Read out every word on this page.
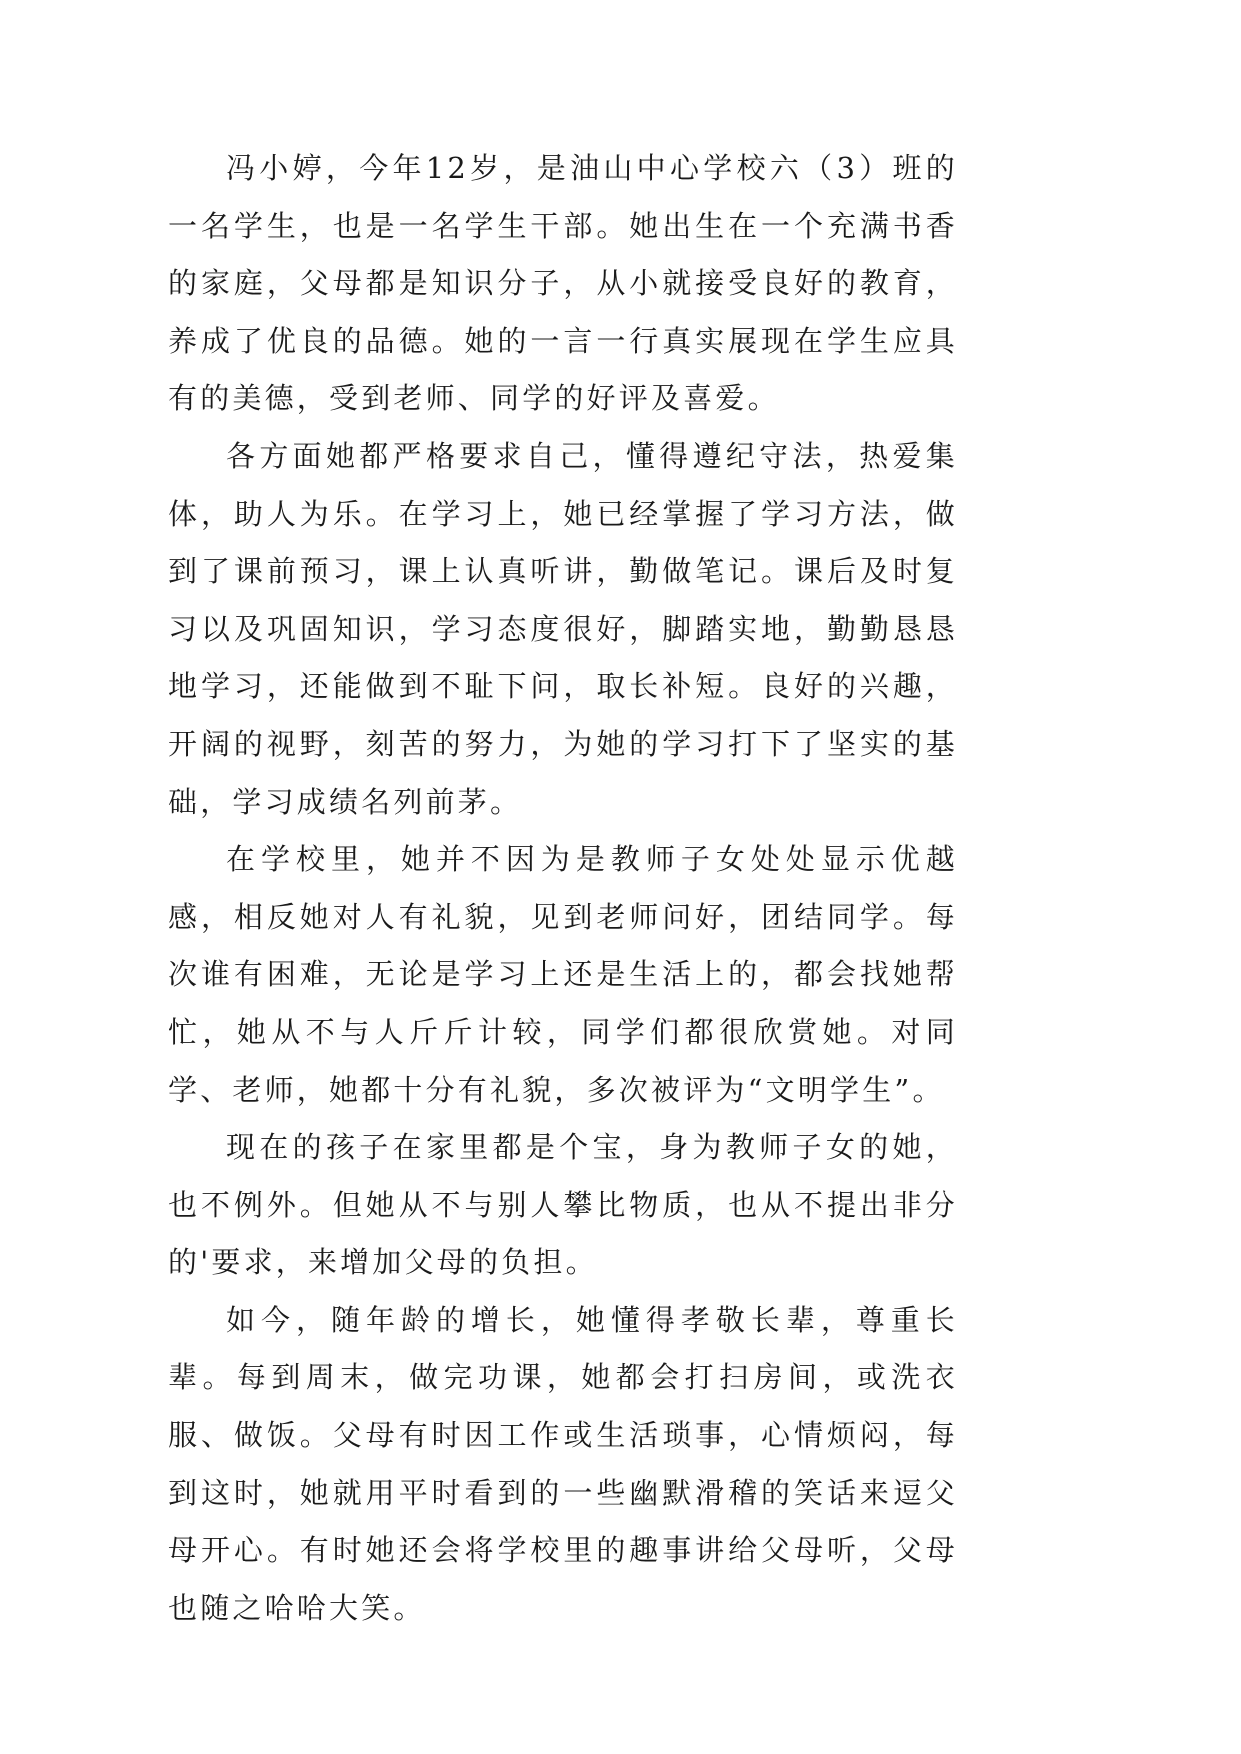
冯小婷，今年12岁，是油山中心学校六（3）班的一名学生，也是一名学生干部。她出生在一个充满书香的家庭，父母都是知识分子，从小就接受良好的教育，养成了优良的品德。她的一言一行真实展现在学生应具有的美德，受到老师、同学的好评及喜爱。

各方面她都严格要求自己，懂得遵纪守法，热爱集体，助人为乐。在学习上，她已经掌握了学习方法，做到了课前预习，课上认真听讲，勤做笔记。课后及时复习以及巩固知识，学习态度很好，脚踏实地，勤勤恳恳地学习，还能做到不耻下问，取长补短。良好的兴趣，开阔的视野，刻苦的努力，为她的学习打下了坚实的基础，学习成绩名列前茅。

在学校里，她并不因为是教师子女处处显示优越感，相反她对人有礼貌，见到老师问好，团结同学。每次谁有困难，无论是学习上还是生活上的，都会找她帮忙，她从不与人斤斤计较，同学们都很欣赏她。对同学、老师，她都十分有礼貌，多次被评为“文明学生”。

现在的孩子在家里都是个宝，身为教师子女的她，也不例外。但她从不与别人攀比物质，也从不提出非分的'要求，来增加父母的负担。

如今，随年龄的增长，她懂得孝敬长辈，尊重长辈。每到周末，做完功课，她都会打扫房间，或洗衣服、做饭。父母有时因工作或生活琐事，心情烦闷，每到这时，她就用平时看到的一些幽默滑稽的笑话来逗父母开心。有时她还会将学校里的趣事讲给父母听，父母也随之哈哈大笑。
